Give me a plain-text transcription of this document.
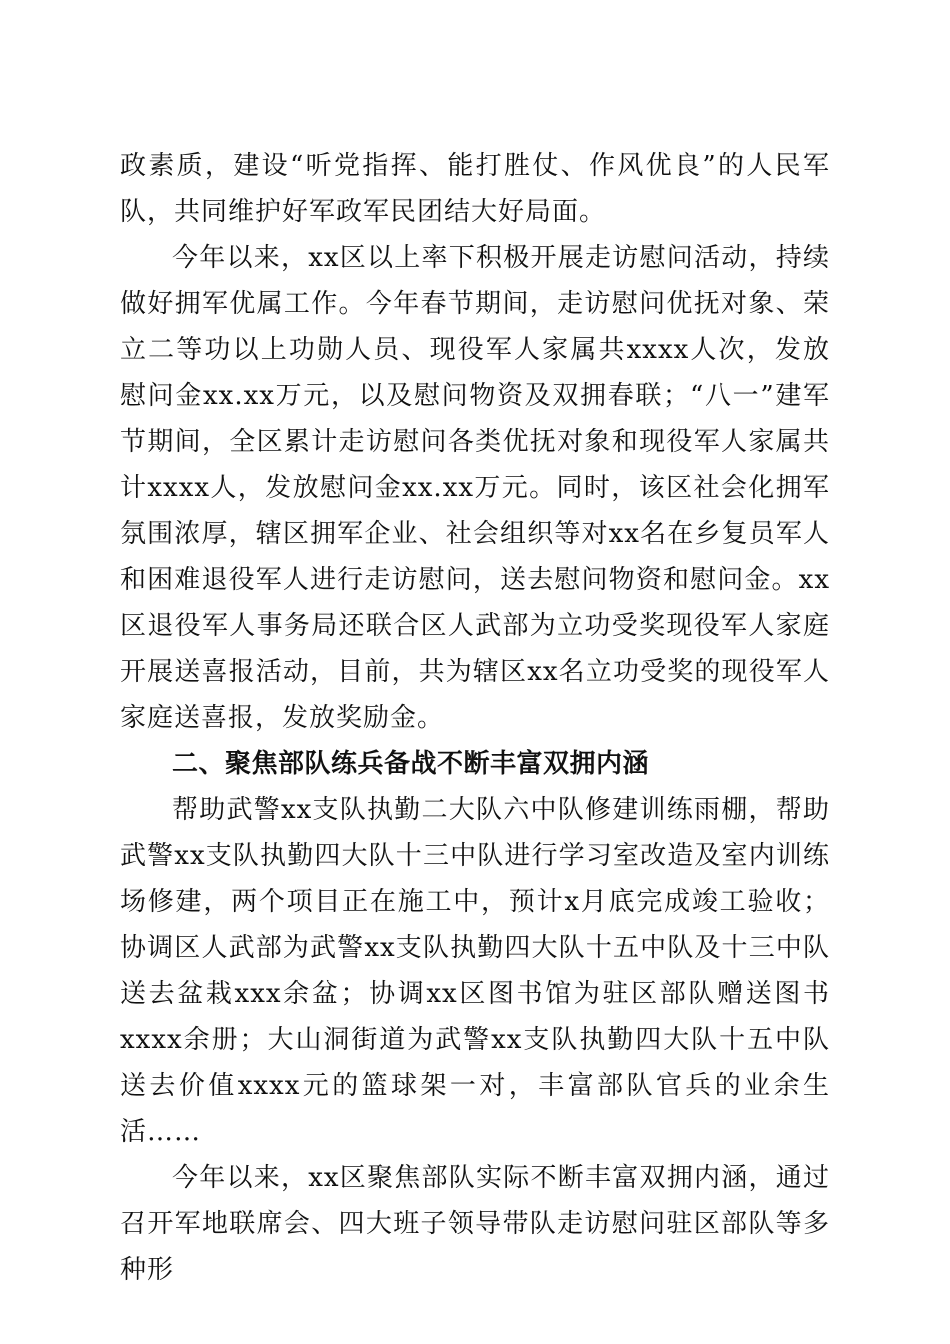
政素质，建设“听党指挥、能打胜仗、作风优良”的人民军队，共同维护好军政军民团结大好局面。

今年以来，xx区以上率下积极开展走访慰问活动，持续做好拥军优属工作。今年春节期间，走访慰问优抚对象、荣立二等功以上功勋人员、现役军人家属共xxxx人次，发放慰问金xx.xx万元，以及慰问物资及双拥春联；“八一”建军节期间，全区累计走访慰问各类优抚对象和现役军人家属共计xxxx人，发放慰问金xx.xx万元。同时，该区社会化拥军氛围浓厚，辖区拥军企业、社会组织等对xx名在乡复员军人和困难退役军人进行走访慰问，送去慰问物资和慰问金。xx区退役军人事务局还联合区人武部为立功受奖现役军人家庭开展送喜报活动，目前，共为辖区xx名立功受奖的现役军人家庭送喜报，发放奖励金。

二、聚焦部队练兵备战不断丰富双拥内涵

帮助武警xx支队执勤二大队六中队修建训练雨棚，帮助武警xx支队执勤四大队十三中队进行学习室改造及室内训练场修建，两个项目正在施工中，预计x月底完成竣工验收；协调区人武部为武警xx支队执勤四大队十五中队及十三中队送去盆栽xxx余盆；协调xx区图书馆为驻区部队赠送图书xxxx余册；大山洞街道为武警xx支队执勤四大队十五中队送去价值xxxx元的篮球架一对，丰富部队官兵的业余生活……

今年以来，xx区聚焦部队实际不断丰富双拥内涵，通过召开军地联席会、四大班子领导带队走访慰问驻区部队等多种形
